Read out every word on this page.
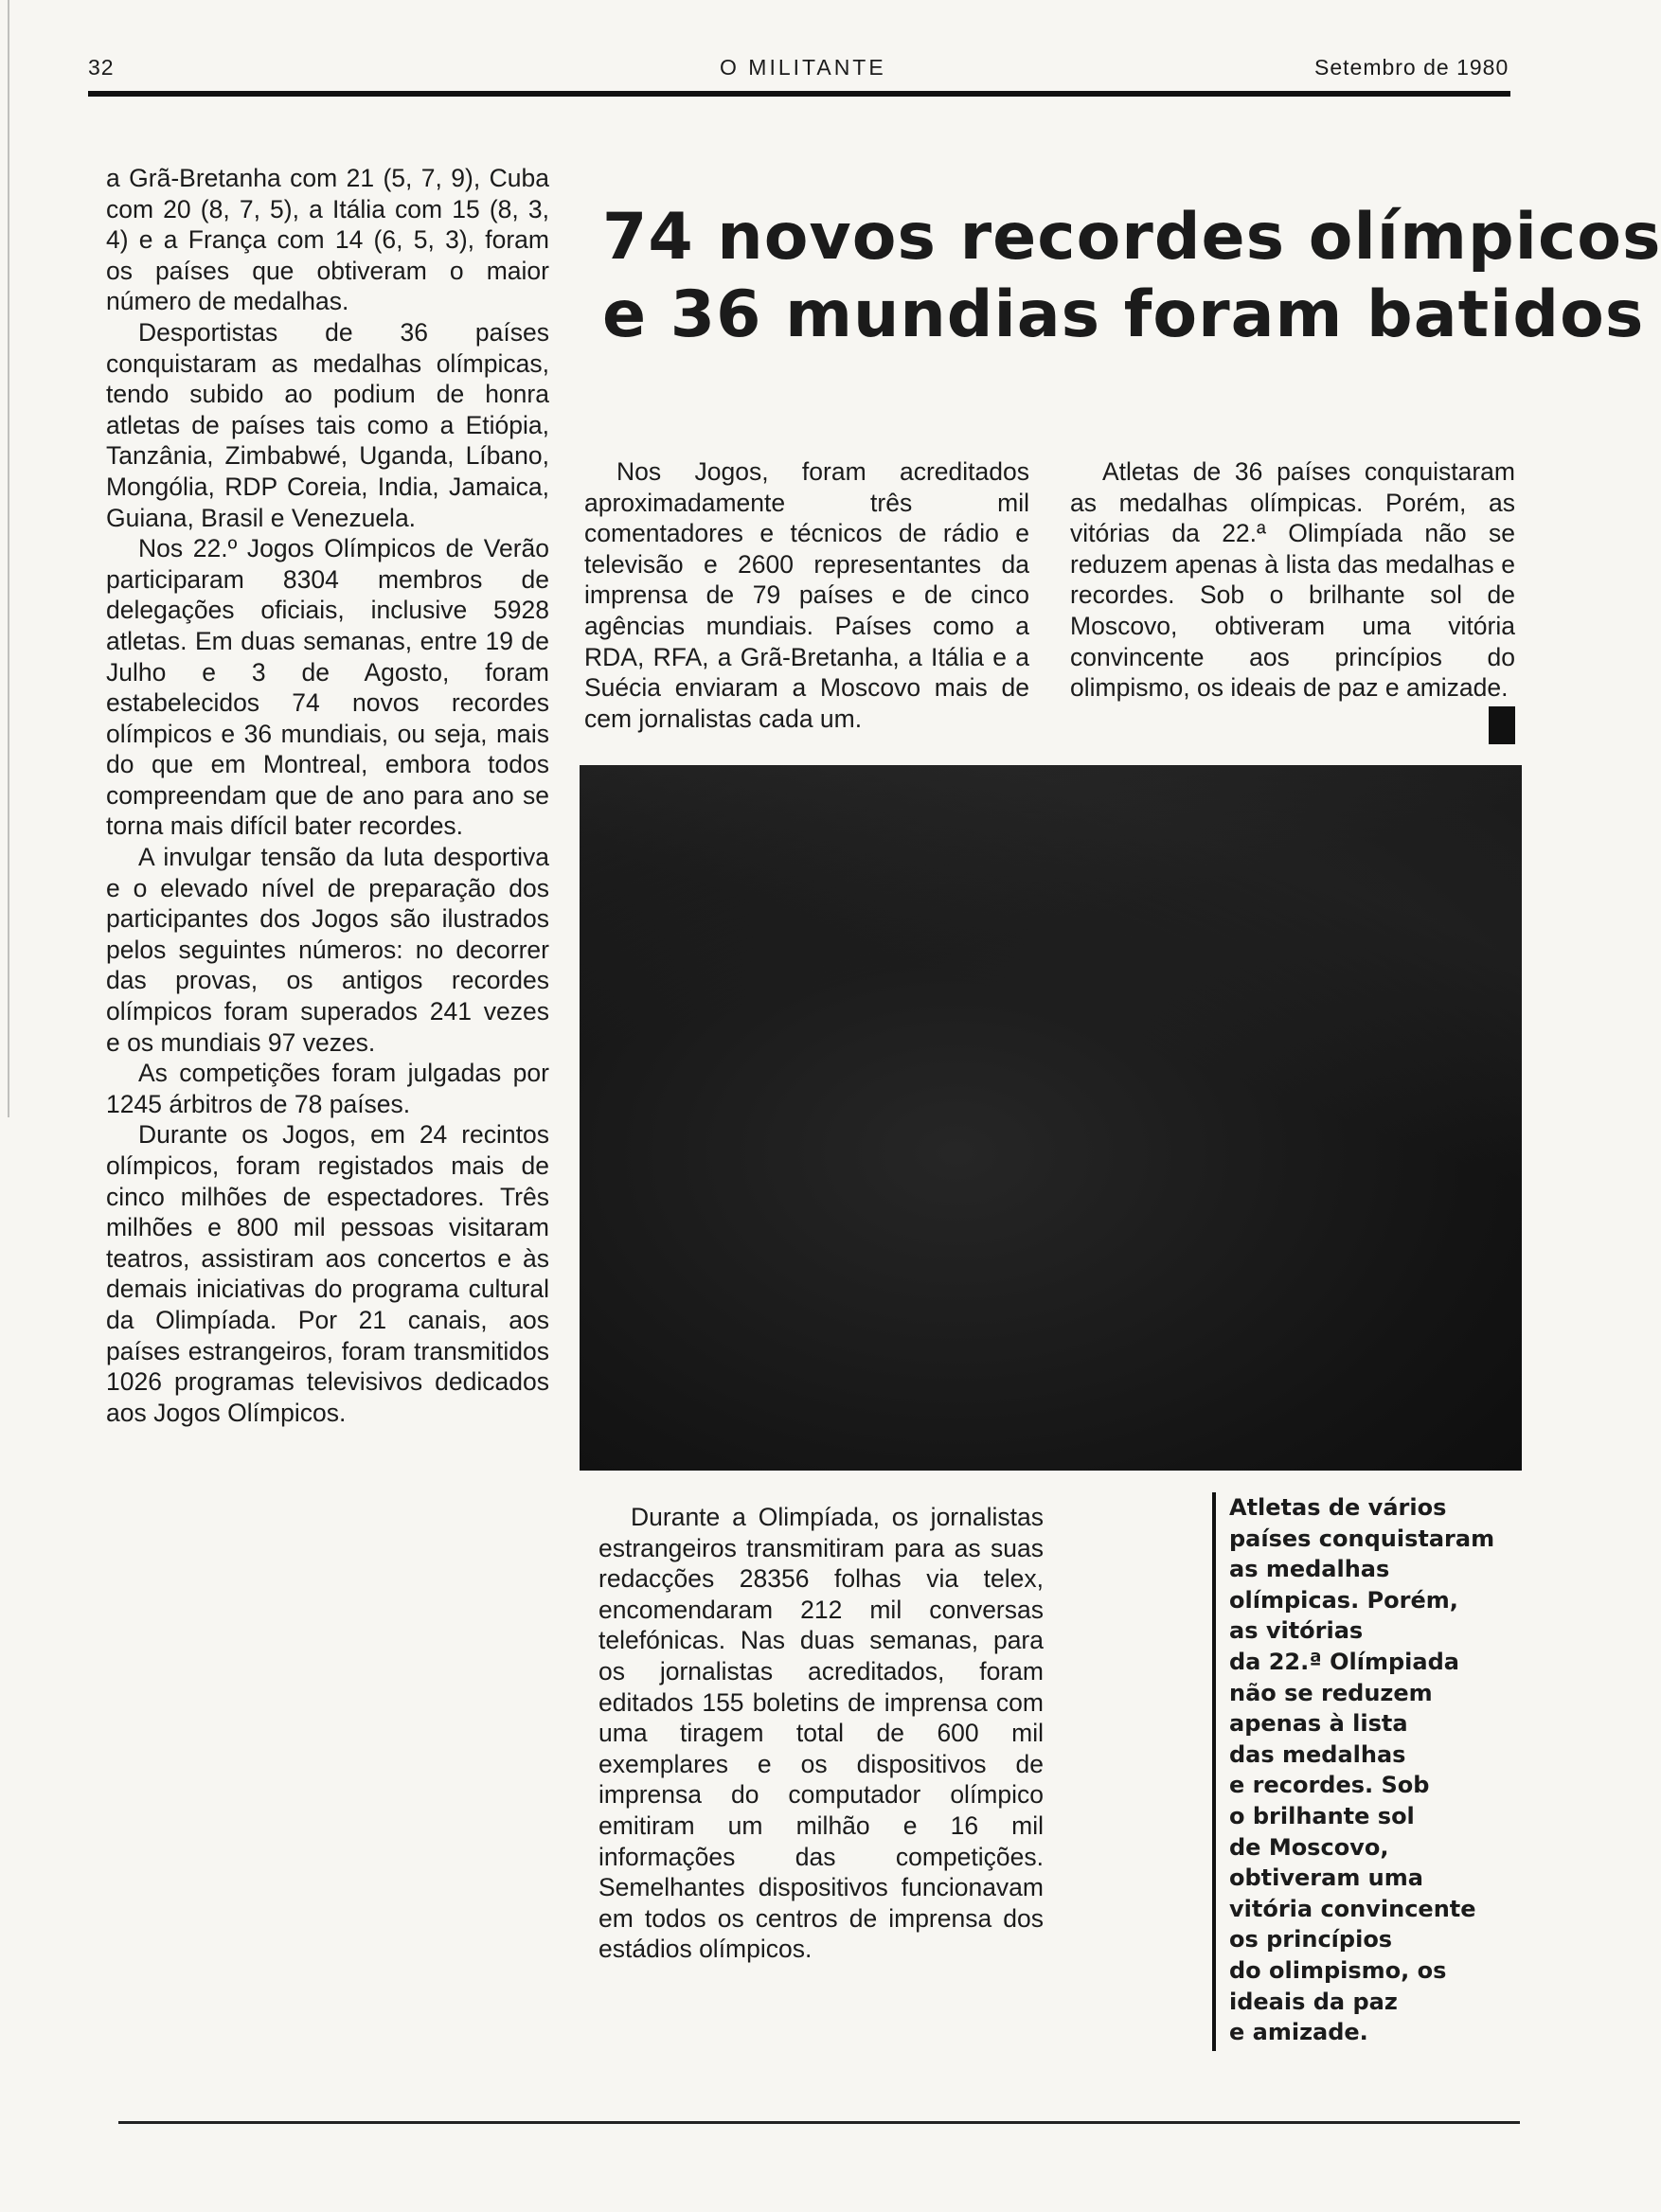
32	O MILITANTE	Setembro de 1980
74 novos recordes olímpicos
e 36 mundias foram batidos

a Grã-Bretanha com 21 (5, 7, 9), Cuba com 20 (8, 7, 5), a Itália com 15 (8, 3, 4) e a França com 14 (6, 5, 3), foram os países que obtiveram o maior número de medalhas.

Desportistas de 36 países conquistaram as medalhas olímpicas, tendo subido ao podium de honra atletas de países tais como a Etiópia, Tanzânia, Zimbabwé, Uganda, Líbano, Mongólia, RDP Coreia, India, Jamaica, Guiana, Brasil e Venezuela.

Nos 22.º Jogos Olímpicos de Verão participaram 8304 membros de delegações oficiais, inclusive 5928 atletas. Em duas semanas, entre 19 de Julho e 3 de Agosto, foram estabelecidos 74 novos recordes olímpicos e 36 mundiais, ou seja, mais do que em Montreal, embora todos compreendam que de ano para ano se torna mais difícil bater recordes.

A invulgar tensão da luta desportiva e o elevado nível de preparação dos participantes dos Jogos são ilustrados pelos seguintes números: no decorrer das provas, os antigos recordes olímpicos foram superados 241 vezes e os mundiais 97 vezes.

As competições foram julgadas por 1245 árbitros de 78 países.

Durante os Jogos, em 24 recintos olímpicos, foram registados mais de cinco milhões de espectadores. Três milhões e 800 mil pessoas visitaram teatros, assistiram aos concertos e às demais iniciativas do programa cultural da Olimpíada. Por 21 canais, aos países estrangeiros, foram transmitidos 1026 programas televisivos dedicados aos Jogos Olímpicos.

Nos Jogos, foram acreditados aproximadamente três mil comentadores e técnicos de rádio e televisão e 2600 representantes da imprensa de 79 países e de cinco agências mundiais. Países como a RDA, RFA, a Grã-Bretanha, a Itália e a Suécia enviaram a Moscovo mais de cem jornalistas cada um.

Atletas de 36 países conquistaram as medalhas olímpicas. Porém, as vitórias da 22.ª Olimpíada não se reduzem apenas à lista das medalhas e recordes. Sob o brilhante sol de Moscovo, obtiveram uma vitória convincente aos princípios do olimpismo, os ideais de paz e amizade.

Durante a Olimpíada, os jornalistas estrangeiros transmitiram para as suas redacções 28356 folhas via telex, encomendaram 212 mil conversas telefónicas. Nas duas semanas, para os jornalistas acreditados, foram editados 155 boletins de imprensa com uma tiragem total de 600 mil exemplares e os dispositivos de imprensa do computador olímpico emitiram um milhão e 16 mil informações das competições. Semelhantes dispositivos funcionavam em todos os centros de imprensa dos estádios olímpicos.

Atletas de vários

países conquistaram

as medalhas

olímpicas. Porém,

as vitórias

da 22.ª Olímpiada

não se reduzem

apenas à lista

das medalhas

e recordes. Sob

o brilhante sol

de Moscovo,

obtiveram uma

vitória convincente

os princípios

do olimpismo, os

ideais da paz

e amizade.
